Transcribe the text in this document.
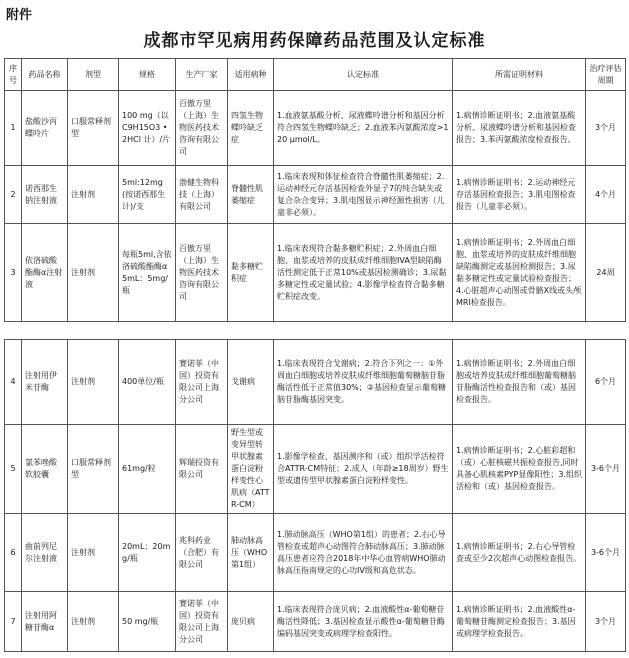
附件
成都市罕见病用药保障药品范围及认定标准
序号	药品名称	剂型	规格	生产厂家	适用病种	认定标准	所需证明材料	治疗评估周期
1	盐酸沙丙蝶呤片	口服常释剂型	100 mg（以C9H15O3 •2HCl 计）/片	百傲万里（上海）生物医药技术咨询有限公司	四氢生物蝶呤缺乏症	1.血液氨基酸分析、尿液蝶呤谱分析和基因分析符合四氢生物蝶呤缺乏；2.血液苯丙氨酸浓度>120 μmol/L。	1.病情诊断证明书；2.血液氨基酸分析、尿液蝶呤谱分析和基因检查报告；3.苯丙氨酸浓度检查报告。	3个月
2	诺西那生钠注射液	注射剂	5ml:12mg (按诺西那生计)/支	渤健生物科技（上海）有限公司	脊髓性肌萎缩症	1.临床表现和体征检查符合脊髓性肌萎缩症；2.运动神经元存活基因检查外显子7的纯合缺失或复合杂合变异；3.肌电图显示神经源性损害（儿童非必须）。	1.病情诊断证明书；2.运动神经元存活基因检查报告；3.肌电图检查报告（儿童非必须）。	4个月
3	依洛硫酸酯酶α注射液	注射剂	每瓶5ml,含依洛硫酸酯酶α 5mL：5mg/瓶	百傲万里（上海）生物医药技术咨询有限公司	黏多糖贮积症	1.临床表现符合黏多糖贮积症；2.外周血白细胞、血浆或培养的皮肤成纤维细胞IVA型缺陷酶活性测定低于正常10%或基因检测确诊；3.尿黏多糖定性或定量试验；4.影像学检查符合黏多糖贮积症改变。	1.病情诊断证明书；2.外周血白细胞、血浆或培养的皮肤成纤维细胞缺陷酶测定或基因检测报告；3.尿黏多糖定性或定量试验检查报告；4.心脏超声心动图或骨骼X线或头颅MRI检查报告。	24周
4	注射用伊米苷酶	注射剂	400单位/瓶	赛诺菲（中国）投资有限公司上海分公司	戈谢病	1.临床表现符合戈谢病；2.符合下列之一：①外周血白细胞或培养皮肤成纤维细胞葡萄糖脑苷脂酶活性低于正常值30%；②基因检查显示葡萄糖脑苷脂酶基因突变。	1.病情诊断证明书；2.外周血白细胞或培养皮肤成纤维细胞葡萄糖脑苷脂酶活性检查报告和（或）基因检查报告。	6个月
5	氯苯唑酸软胶囊	口服常释剂型	61mg/粒	辉瑞投资有限公司	野生型或变异型转甲状腺素蛋白淀粉样变性心肌病（ATTR-CM）	1.影像学检查、基因测序和（或）组织学活检符合ATTR-CM特征；2.成人（年龄≥18周岁）野生型或遗传型甲状腺素蛋白淀粉样变性。	1.病情诊断证明书；2.心脏彩超和（或）心脏核磁共振检查报告,同时具备心肌核素PYP显像阳性；3.组织活检和（或）基因检查报告。	3-6个月
6	曲前列尼尔注射液	注射剂	20mL：20mg/瓶	兆科药业（合肥）有限公司	肺动脉高压（WHO第1组）	1.肺动脉高压（WHO第1组）的患者；2.右心导管检查或超声心动图符合肺动脉高压；3.肺动脉高压患者应符合2018年中华心血管病WHO肺动脉高压指南规定的心功IV级和高危状态。	1.病情诊断证明书；2.右心导管检查或至少2次超声心动图检查报告。	3-6个月
7	注射用阿糖苷酶α	注射剂	50 mg/瓶	赛诺菲（中国）投资有限公司上海分公司	庞贝病	1.临床表现符合庞贝病；2.血液酸性α-葡萄糖苷酶活性降低；3.基因检查显示酸性α-葡萄糖苷酶编码基因突变或病理学检查阳性。	1.病情诊断证明书；2.血液酸性α-葡萄糖苷酶测定检查报告；3.基因或病理学检查报告。	3个月
